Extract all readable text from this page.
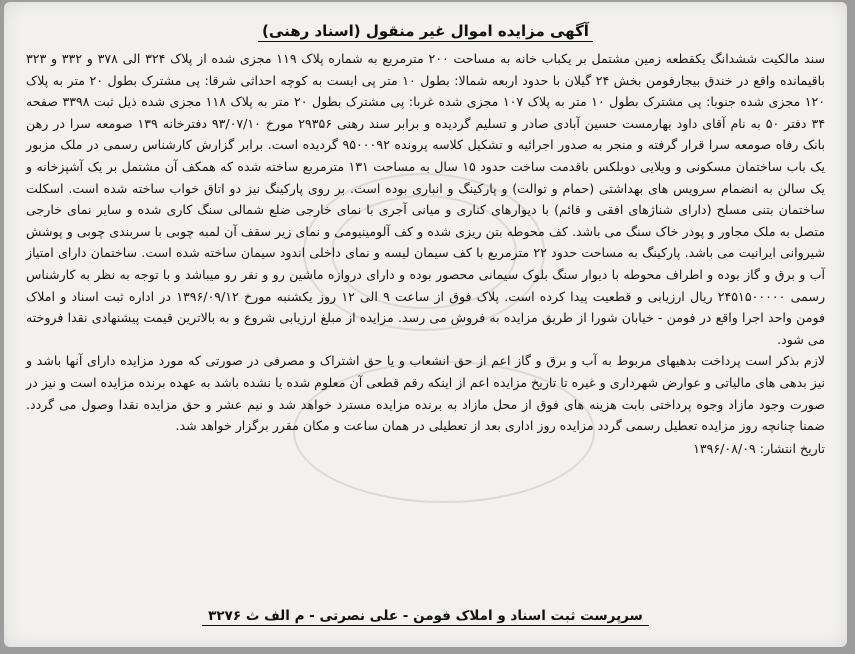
آگهی مزایده اموال غیر منقول (اسناد رهنی)

سند مالکیت ششدانگ یکقطعه زمین مشتمل بر یکباب خانه به مساحت ۲۰۰ مترمربع به شماره پلاک ۱۱۹ مجزی شده از پلاک ۳۲۴ الی ۳۷۸ و ۳۳۲ و ۳۲۳ باقیمانده واقع در خندق بیجارفومن بخش ۲۴ گیلان با حدود اربعه شمالا: بطول ۱۰ متر پی ایست به کوچه احداثی شرقا: پی مشترک بطول ۲۰ متر به پلاک ۱۲۰ مجزی شده جنوبا: پی مشترک بطول ۱۰ متر به پلاک ۱۰۷ مجزی شده غربا: پی مشترک بطول ۲۰ متر به پلاک ۱۱۸ مجزی شده ذیل ثبت ۳۳۹۸ صفحه ۳۴ دفتر ۵۰ به نام آقای داود بهارمست حسین آبادی صادر و تسلیم گردیده و برابر سند رهنی ۲۹۳۵۶ مورخ ۹۳/۰۷/۱۰ دفترخانه ۱۳۹ صومعه سرا در رهن بانک رفاه صومعه سرا قرار گرفته و منجر به صدور اجرائیه و تشکیل کلاسه پرونده ۹۵۰۰۰۹۲ گردیده است. برابر گزارش کارشناس رسمی در ملک مزبور یک باب ساختمان مسکونی و ویلایی دوبلکس باقدمت ساخت حدود ۱۵ سال به مساحت ۱۳۱ مترمربع ساخته شده که همکف آن مشتمل بر یک آشپزخانه و یک سالن به انضمام سرویس های بهداشتی (حمام و توالت) و پارکینگ و انباری بوده است. بر روی پارکینگ نیز دو اتاق خواب ساخته شده است. اسکلت ساختمان بتنی مسلح (دارای شناژهای افقی و قائم) با دیوارهای کناری و میانی آجری با نمای خارجی ضلع شمالی سنگ کاری شده و سایر نمای خارجی متصل به ملک مجاور و پودر خاک سنگ می باشد. کف محوطه بتن ریزی شده و کف آلومینیومی و نمای زیر سقف آن لمبه چوبی با سربندی چوبی و پوشش شیروانی ایرانیت می باشد. پارکینگ به مساحت حدود ۲۲ مترمربع با کف سیمان لیسه و نمای داخلی اندود سیمان ساخته شده است. ساختمان دارای امتیاز آب و برق و گاز بوده و اطراف محوطه با دیوار سنگ بلوک سیمانی محصور بوده و دارای دروازه ماشین رو و نفر رو میباشد و با توجه به نظر به کارشناس رسمی ۲۴۵۱۵۰۰۰۰۰ ریال ارزیابی و قطعیت پیدا کرده است. پلاک فوق از ساعت ۹ الی ۱۲ روز یکشنبه مورخ ۱۳۹۶/۰۹/۱۲ در اداره ثبت اسناد و املاک فومن واحد اجرا واقع در فومن - خیابان شورا از طریق مزایده به فروش می رسد. مزایده از مبلغ ارزیابی شروع و به بالاترین قیمت پیشنهادی نقدا فروخته می شود.

لازم بذکر است پرداخت بدهیهای مربوط به آب و برق و گاز اعم از حق انشعاب و یا حق اشتراک و مصرفی در صورتی که مورد مزایده دارای آنها باشد و نیز بدهی های مالیاتی و عوارض شهرداری و غیره تا تاریخ مزایده اعم از اینکه رقم قطعی آن معلوم شده یا نشده باشد به عهده برنده مزایده است و نیز در صورت وجود مازاد وجوه پرداختی بابت هزینه های فوق از محل مازاد به برنده مزایده مسترد خواهد شد و نیم عشر و حق مزایده نقدا وصول می گردد. ضمنا چنانچه روز مزایده تعطیل رسمی گردد مزایده روز اداری بعد از تعطیلی در همان ساعت و مکان مقرر برگزار خواهد شد.

تاریخ انتشار: ۱۳۹۶/۰۸/۰۹

سرپرست ثبت اسناد و املاک فومن - علی نصرتی - م الف ث ۳۲۷۶
